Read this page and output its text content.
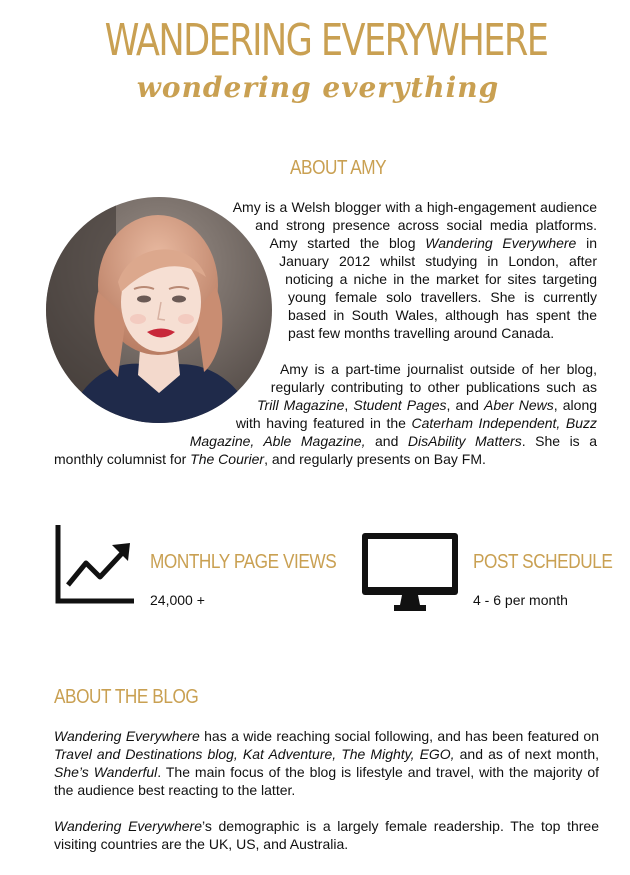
WANDERING EVERYWHERE
wondering everything
ABOUT AMY

Amy is a Welsh blogger with a high-engagement audience and strong presence across social media platforms. Amy started the blog Wandering Everywhere in January 2012 whilst studying in London, after noticing a niche in the market for sites targeting young female solo travellers. She is currently based in South Wales, although has spent the past few months travelling around Canada.

Amy is a part-time journalist outside of her blog, regularly contributing to other publications such as Trill Magazine, Student Pages, and Aber News, along with having featured in the Caterham Independent, Buzz Magazine, Able Magazine, and DisAbility Matters. She is a monthly columnist for The Courier, and regularly presents on Bay FM.

MONTHLY PAGE VIEWS
24,000 +
POST SCHEDULE
4 - 6 per month
ABOUT THE BLOG

Wandering Everywhere has a wide reaching social following, and has been featured on Travel and Destinations blog, Kat Adventure, The Mighty, EGO, and as of next month, She’s Wanderful. The main focus of the blog is lifestyle and travel, with the majority of the audience best reacting to the latter.

Wandering Everywhere’s demographic is a largely female readership. The top three visiting countries are the UK, US, and Australia.
